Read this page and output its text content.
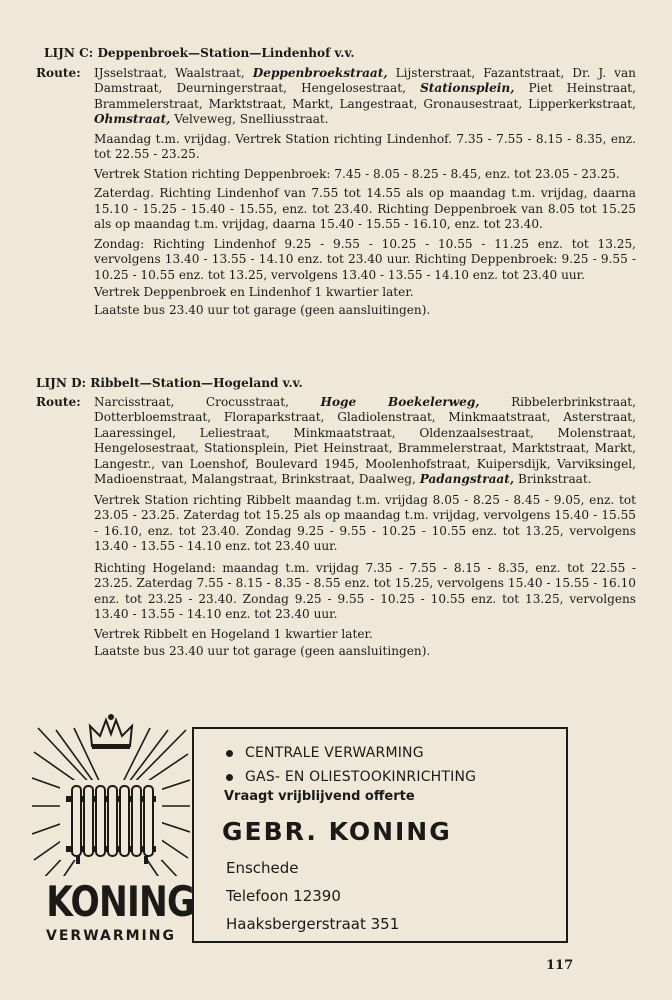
LIJN C: Deppenbroek—Station—Lindenhof v.v.
Route: IJsselstraat, Waalstraat, Deppenbroekstraat, Lijsterstraat, Fazantstraat, Dr. J. van Damstraat, Deurningerstraat, Hengelosestraat, Stationsplein, Piet Heinstraat, Brammelerstraat, Marktstraat, Markt, Langestraat, Gronausestraat, Lipperkerkstraat, Ohmstraat, Velveweg, Snelliusstraat.
Maandag t.m. vrijdag. Vertrek Station richting Lindenhof. 7.35 - 7.55 - 8.15 - 8.35, enz. tot 22.55 - 23.25.
Vertrek Station richting Deppenbroek: 7.45 - 8.05 - 8.25 - 8.45, enz. tot 23.05 - 23.25.
Zaterdag. Richting Lindenhof van 7.55 tot 14.55 als op maandag t.m. vrijdag, daarna 15.10 - 15.25 - 15.40 - 15.55, enz. tot 23.40. Richting Deppenbroek van 8.05 tot 15.25 als op maandag t.m. vrijdag, daarna 15.40 - 15.55 - 16.10, enz. tot 23.40.
Zondag: Richting Lindenhof 9.25 - 9.55 - 10.25 - 10.55 - 11.25 enz. tot 13.25, vervolgens 13.40 - 13.55 - 14.10 enz. tot 23.40 uur. Richting Deppenbroek: 9.25 - 9.55 - 10.25 - 10.55 enz. tot 13.25, vervolgens 13.40 - 13.55 - 14.10 enz. tot 23.40 uur.
Vertrek Deppenbroek en Lindenhof 1 kwartier later.
Laatste bus 23.40 uur tot garage (geen aansluitingen).
LIJN D: Ribbelt—Station—Hogeland v.v.
Route: Narcisstraat, Crocusstraat,	Hoge Boekelerweg,	Ribbelerbrinkstraat, Dotterbloemstraat, Floraparkstraat, Gladiolenstraat, Minkmaatstraat, Asterstraat, Laaressingel, Leliestraat, Minkmaatstraat, Oldenzaalsestraat, Molenstraat, Hengelosestraat, Stationsplein, Piet Heinstraat, Brammelerstraat, Marktstraat, Markt, Langestr., van Loenshof, Boulevard 1945, Moolenhofstraat, Kuipersdijk, Varviksingel, Madioenstraat, Malangstraat, Brinkstraat, Daalweg, Padangstraat, Brinkstraat.
Vertrek Station richting Ribbelt maandag t.m. vrijdag 8.05 - 8.25 - 8.45 - 9.05, enz. tot 23.05 - 23.25. Zaterdag tot 15.25 als op maandag t.m. vrijdag, vervolgens 15.40 - 15.55 - 16.10, enz. tot 23.40. Zondag 9.25 - 9.55 - 10.25 - 10.55 enz. tot 13.25, vervolgens 13.40 - 13.55 - 14.10 enz. tot 23.40 uur.
Richting Hogeland: maandag t.m. vrijdag 7.35 - 7.55 - 8.15 - 8.35, enz. tot 22.55 - 23.25. Zaterdag 7.55 - 8.15 - 8.35 - 8.55 enz. tot 15.25, vervolgens 15.40 - 15.55 - 16.10 enz. tot 23.25 - 23.40. Zondag 9.25 - 9.55 - 10.25 - 10.55 enz. tot 13.25, vervolgens 13.40 - 13.55 - 14.10 enz. tot 23.40 uur.
Vertrek Ribbelt en Hogeland 1 kwartier later.
Laatste bus 23.40 uur tot garage (geen aansluitingen).
KONING
VERWARMING
CENTRALE VERWARMING
GAS- EN OLIESTOOKINRICHTING
Vraagt vrijblijvend offerte
GEBR. KONING
Enschede
Telefoon 12390
Haaksbergerstraat 351
117
